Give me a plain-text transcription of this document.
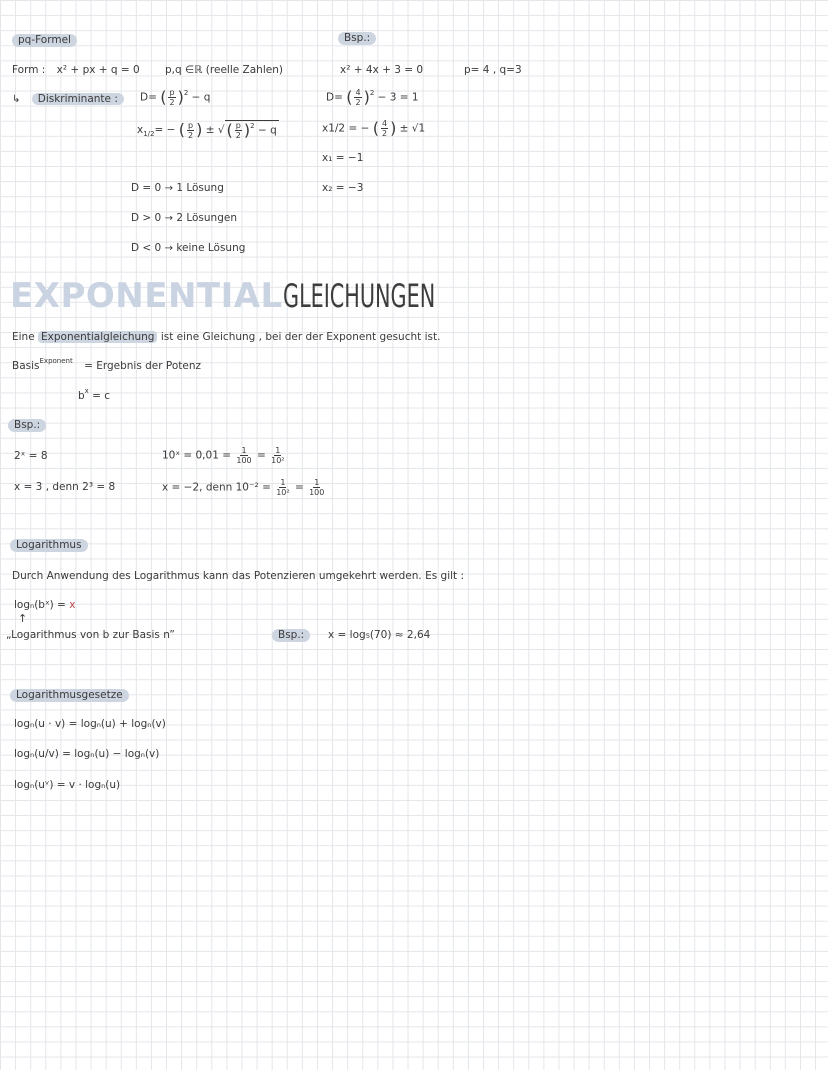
pq-Formel
Form : x² + px + q = 0 p,q ∈ℝ (reelle Zahlen)
↳ Diskriminante :	D= ( $\frac{p}{2} )^2 - q$
$x_{1/2}=$ − ( $\frac{p}{2}$ ) ± √ ( $\frac{p}{2} )^2 - q$
D = 0 → 1 Lösung
D > 0 → 2 Lösungen
D < 0 → keine Lösung
Bsp.:
x² + 4x + 3 = 0	p= 4 , q=3
D= ( $\frac{4}{2} )^2 - 3 = 1$
x1/2 = − ( $\frac{4}{2}$ ) ± √1
x₁ = −1
x₂ = −3
EXPONENTIALGLEICHUNGEN
Eine Exponentialgleichung ist eine Gleichung , bei der der Exponent gesucht ist.
Basis$^{Exponent}$ = Ergebnis der Potenz
$b^x = c$
Bsp.:
2ˣ = 8
x = 3 , denn 2³ = 8
10ˣ = $0,01 = \frac{1}{100} = \frac{1}{\text{10²}}$
x = −2, denn $10^{-2} = \frac{1}{\text{10²}} = \frac{1}{100}$
Logarithmus
Durch Anwendung des Logarithmus kann das Potenzieren umgekehrt werden. Es gilt :
logₙ(bˣ) = x
↑
„Logarithmus von b zur Basis n”	Bsp.:	x = log₅(70) ≈ 2,64
Logarithmusgesetze
logₙ(u · v) = logₙ(u) + logₙ(v)
logₙ(u/v) = logₙ(u) − logₙ(v)
logₙ(uᵛ) = v · logₙ(u)
